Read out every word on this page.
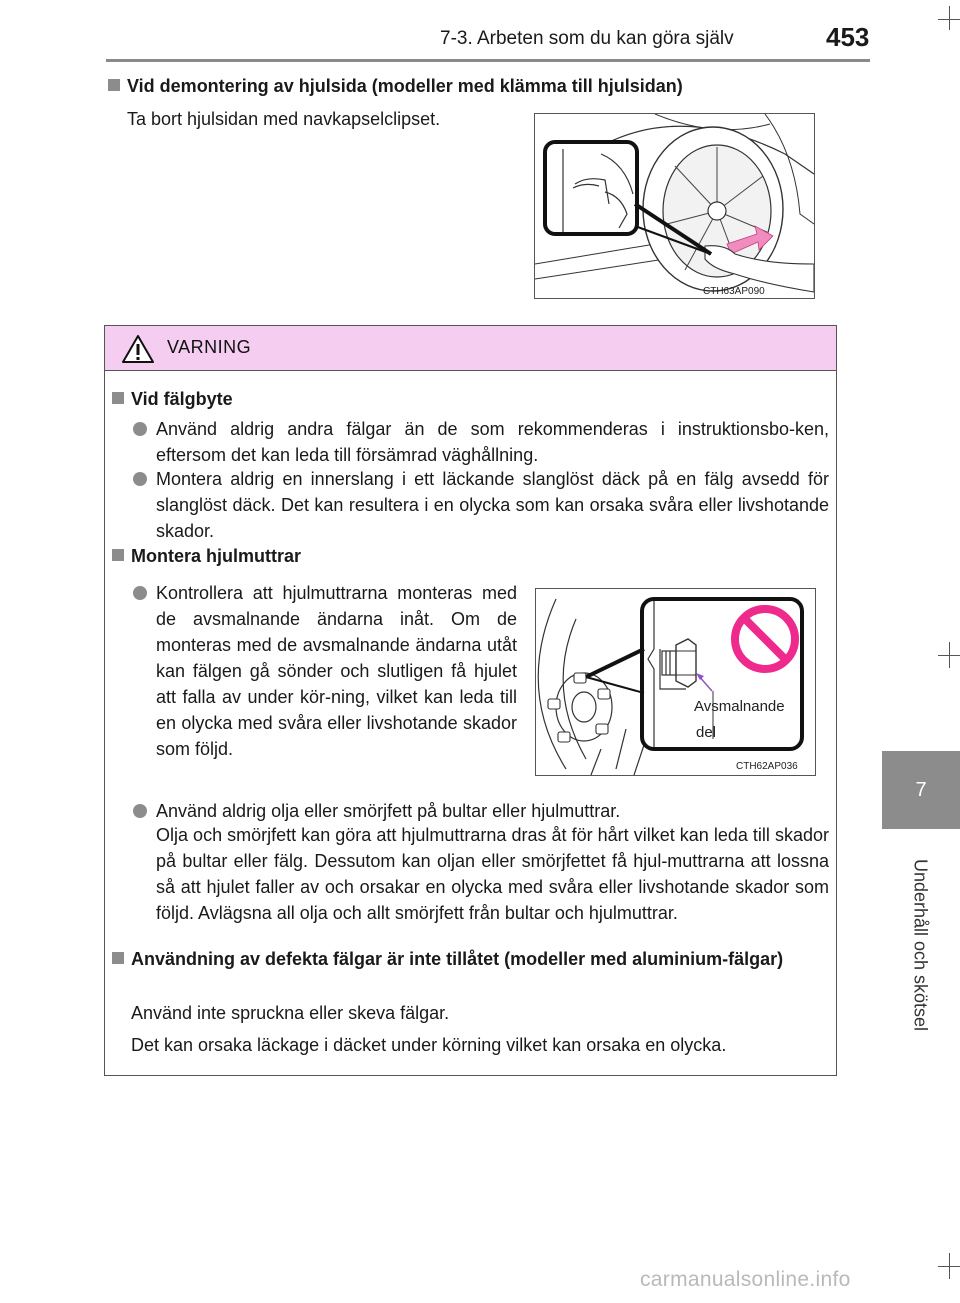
7-3. Arbeten som du kan göra själv	453
7
Underhåll och skötsel
Vid demontering av hjulsida (modeller med klämma till hjulsidan)
Ta bort hjulsidan med navkapselclipset.
CTH63AP090
VARNING
Vid fälgbyte
Använd aldrig andra fälgar än de som rekommenderas i instruktionsbo-ken, eftersom det kan leda till försämrad väghållning.
Montera aldrig en innerslang i ett läckande slanglöst däck på en fälg avsedd för slanglöst däck. Det kan resultera i en olycka som kan orsaka svåra eller livshotande skador.
Montera hjulmuttrar
Kontrollera att hjulmuttrarna monteras med de avsmalnande ändarna inåt. Om de monteras med de avsmalnande ändarna utåt kan fälgen gå sönder och slutligen få hjulet att falla av under kör-ning, vilket kan leda till en olycka med svåra eller livshotande skador som följd.
Avsmalnande
del
CTH62AP036
Använd aldrig olja eller smörjfett på bultar eller hjulmuttrar.
Olja och smörjfett kan göra att hjulmuttrarna dras åt för hårt vilket kan leda till skador på bultar eller fälg. Dessutom kan oljan eller smörjfettet få hjul-muttrarna att lossna så att hjulet faller av och orsakar en olycka med svåra eller livshotande skador som följd. Avlägsna all olja och allt smörjfett från bultar och hjulmuttrar.
Användning av defekta fälgar är inte tillåtet (modeller med aluminium-fälgar)
Använd inte spruckna eller skeva fälgar.
Det kan orsaka läckage i däcket under körning vilket kan orsaka en olycka.
carmanualsonline.info
